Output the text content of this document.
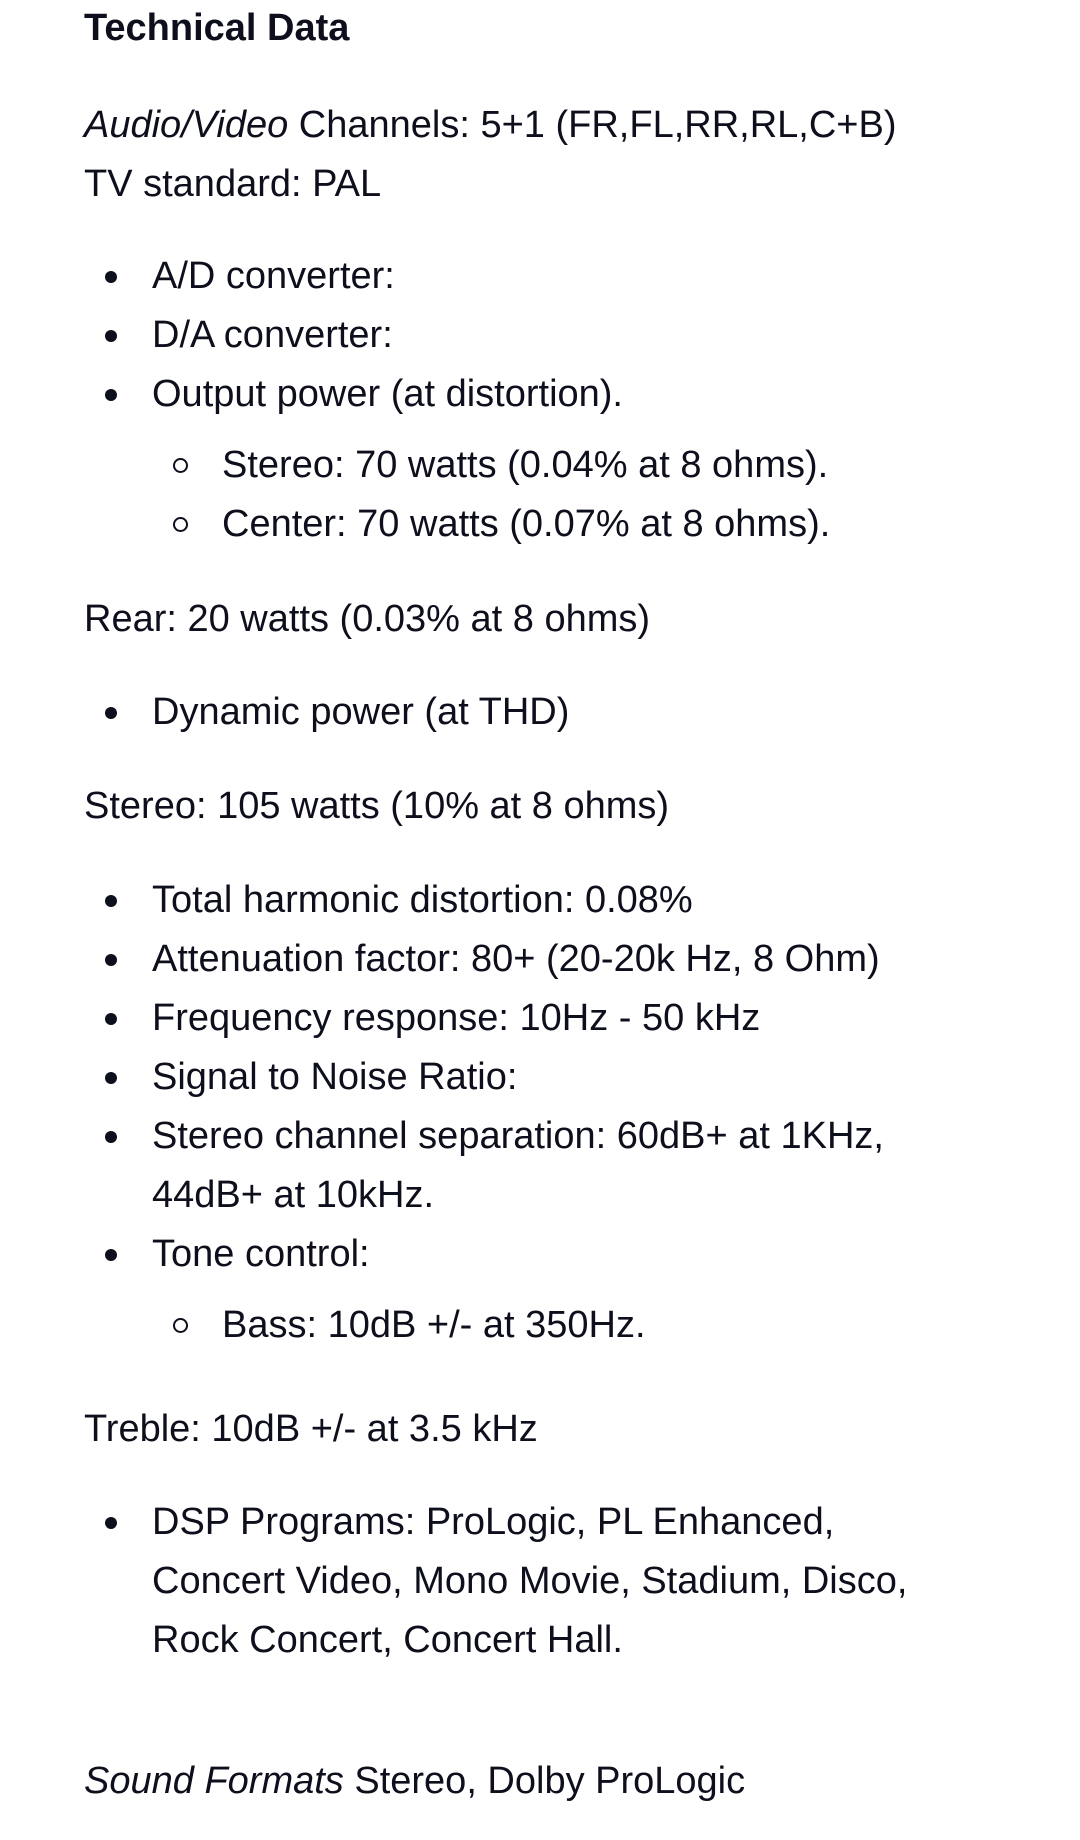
Technical Data
Audio/Video Channels: 5+1 (FR,FL,RR,RL,C+B)
TV standard: PAL
A/D converter:
D/A converter:
Output power (at distortion).
Stereo: 70 watts (0.04% at 8 ohms).
Center: 70 watts (0.07% at 8 ohms).
Rear: 20 watts (0.03% at 8 ohms)
Dynamic power (at THD)
Stereo: 105 watts (10% at 8 ohms)
Total harmonic distortion: 0.08%
Attenuation factor: 80+ (20-20k Hz, 8 Ohm)
Frequency response: 10Hz - 50 kHz
Signal to Noise Ratio:
Stereo channel separation: 60dB+ at 1KHz,
44dB+ at 10kHz.
Tone control:
Bass: 10dB +/- at 350Hz.
Treble: 10dB +/- at 3.5 kHz
DSP Programs: ProLogic, PL Enhanced,
Concert Video, Mono Movie, Stadium, Disco,
Rock Concert, Concert Hall.
Sound Formats Stereo, Dolby ProLogic
